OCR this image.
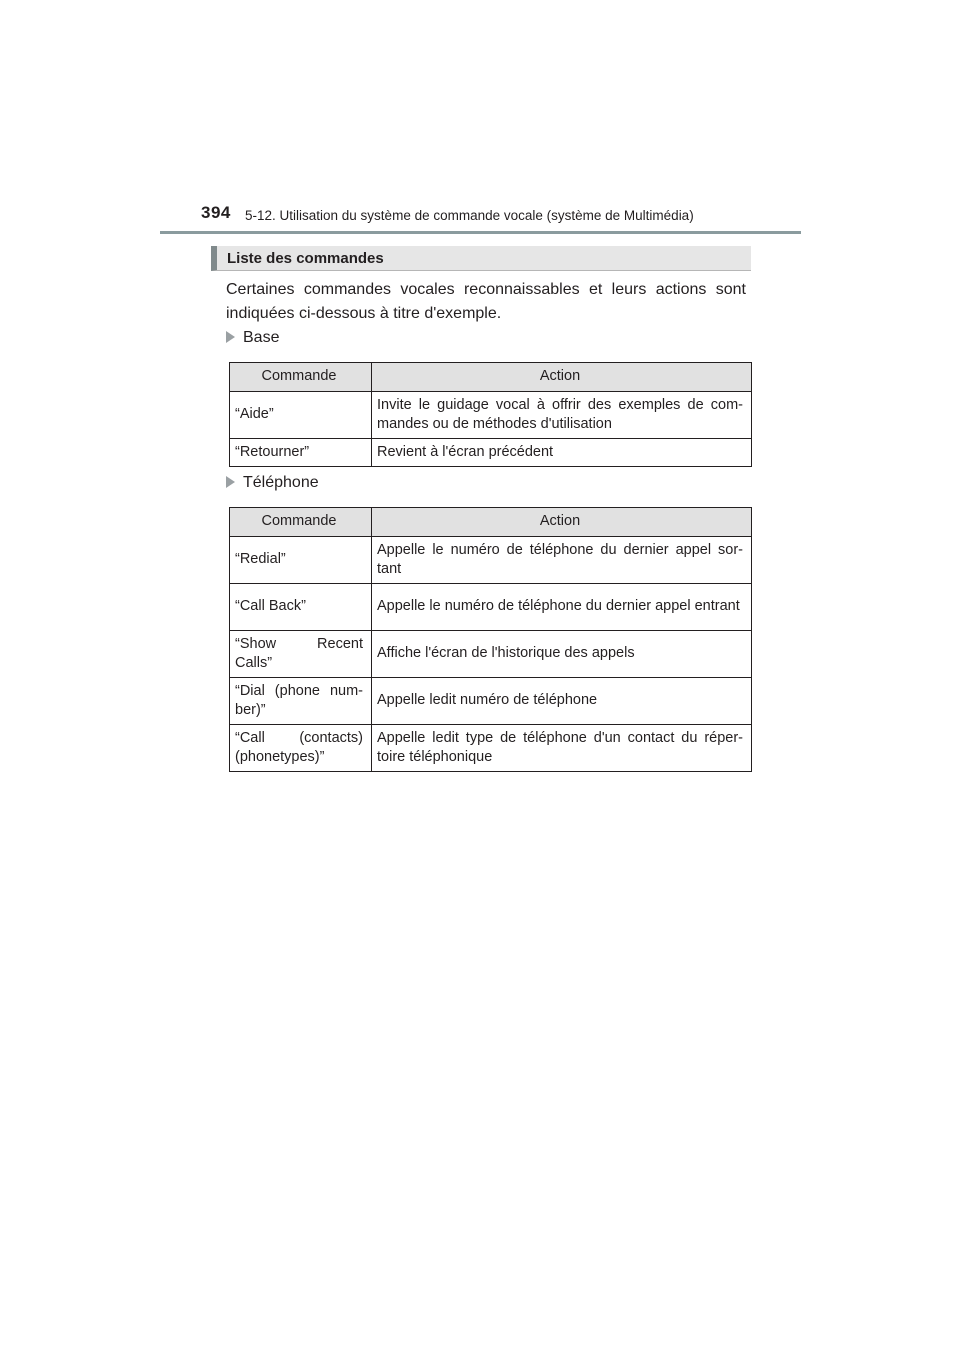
394 5-12. Utilisation du système de commande vocale (système de Multimédia)
Liste des commandes

Certaines commandes vocales reconnaissables et leurs actions sont indiquées ci-dessous à titre d'exemple.

Base
Commande	Action
“Aide”	Invite le guidage vocal à offrir des exemples de com-mandes ou de méthodes d'utilisation
“Retourner”	Revient à l'écran précédent
Téléphone
Commande	Action
“Redial”	Appelle le numéro de téléphone du dernier appel sor-tant
“Call Back”	Appelle le numéro de téléphone du dernier appel entrant
“Show Recent Calls”	Affiche l'écran de l'historique des appels
“Dial (phone num-ber)”	Appelle ledit numéro de téléphone
“Call (contacts) (phonetypes)”	Appelle ledit type de téléphone d'un contact du réper-toire téléphonique
